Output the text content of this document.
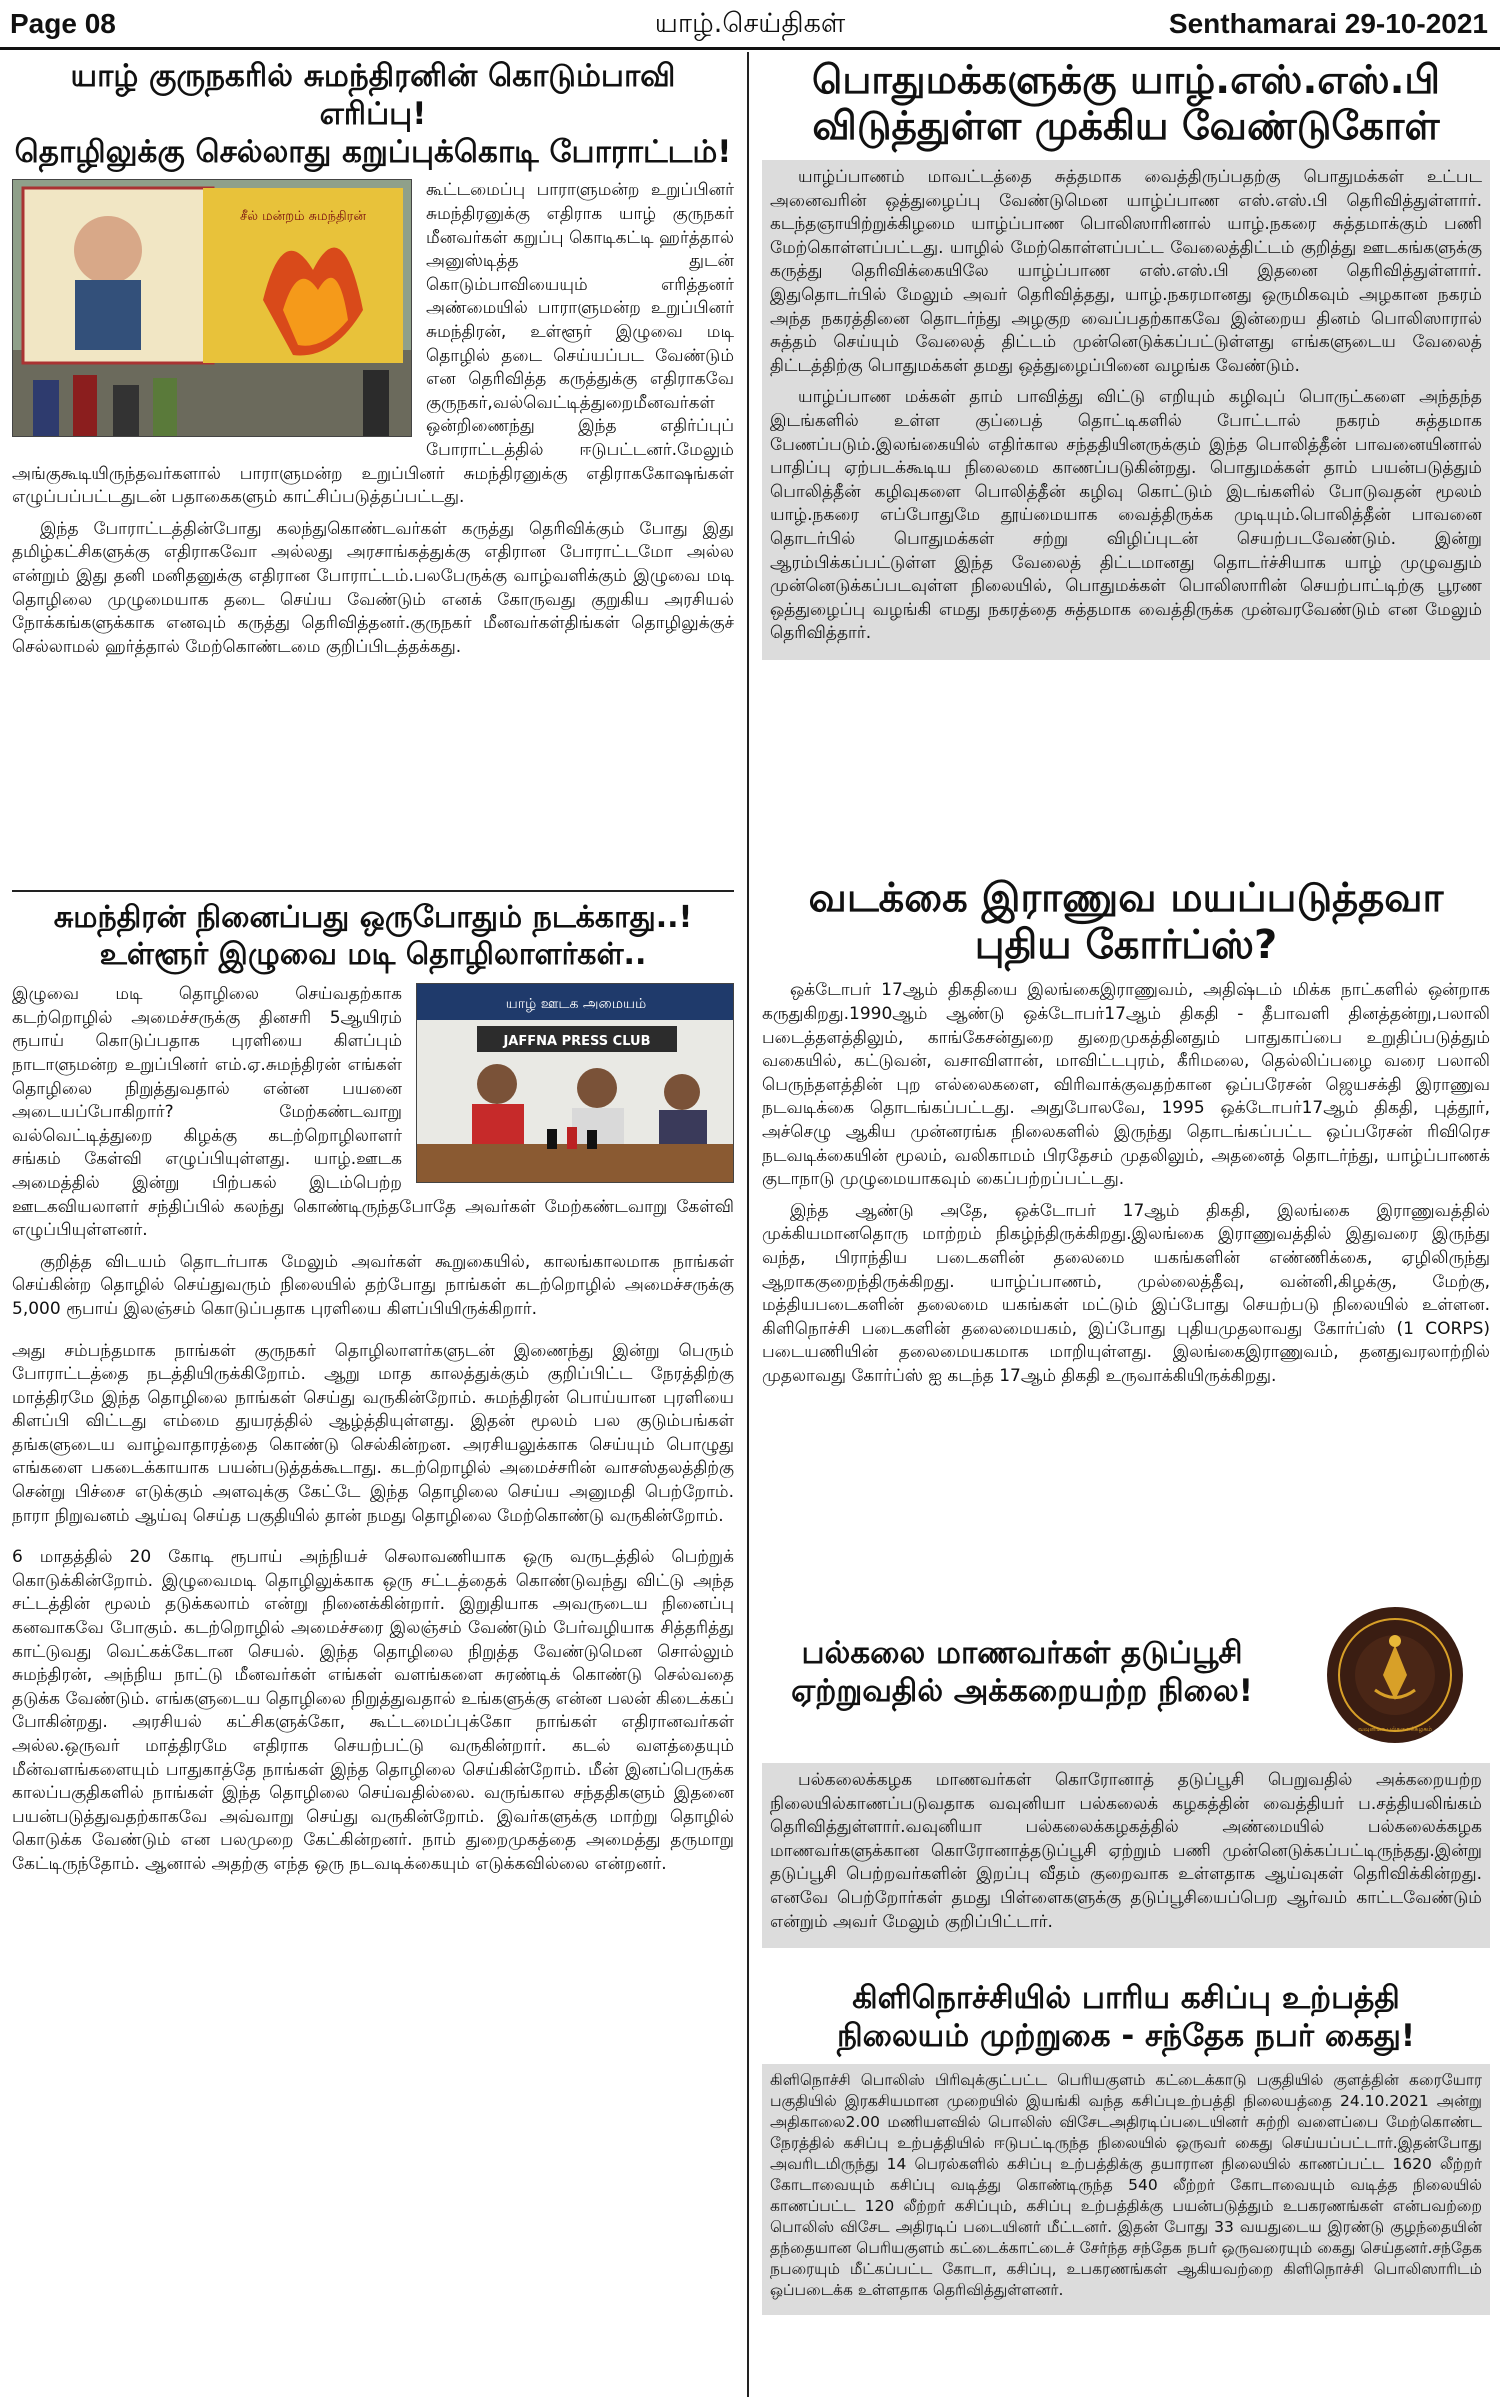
Page 08	யாழ்.செய்திகள்	Senthamarai 29-10-2021
யாழ் குருநகரில் சுமந்திரனின் கொடும்பாவி எரிப்பு!
தொழிலுக்கு செல்லாது கறுப்புக்கொடி போராட்டம்!
சீல் மன்றம் சுமந்திரன்

கூட்டமைப்பு பாராளுமன்ற உறுப்பினர் சுமந்திரனுக்கு எதிராக யாழ் குருநகர் மீனவர்கள் கறுப்பு கொடிகட்டி ஹர்த்தால் அனுஸ்டித்த துடன் கொடும்பாவியையும் எரித்தனர் அண்மையில் பாராளுமன்ற உறுப்பினர் சுமந்திரன், உள்ளூர் இழுவை மடி தொழில் தடை செய்யப்பட வேண்டும் என தெரிவித்த கருத்துக்கு எதிராகவே குருநகர்,வல்வெட்டித்துறைமீனவர்கள் ஒன்றிணைந்து இந்த எதிர்ப்புப் போராட்டத்தில் ஈடுபட்டனர்.மேலும் அங்குகூடியிருந்தவர்களால் பாராளுமன்ற உறுப்பினர் சுமந்திரனுக்கு எதிராககோஷங்கள் எழுப்பப்பட்டதுடன் பதாகைகளும் காட்சிப்படுத்தப்பட்டது.

இந்த போராட்டத்தின்போது கலந்துகொண்டவர்கள் கருத்து தெரிவிக்கும் போது இது தமிழ்கட்சிகளுக்கு எதிராகவோ அல்லது அரசாங்கத்துக்கு எதிரான போராட்டமோ அல்ல என்றும் இது தனி மனிதனுக்கு எதிரான போராட்டம்.பலபேருக்கு வாழ்வளிக்கும் இழுவை மடி தொழிலை முழுமையாக தடை செய்ய வேண்டும் எனக் கோருவது குறுகிய அரசியல் நோக்கங்களுக்காக எனவும் கருத்து தெரிவித்தனர்.குருநகர் மீனவர்கள்திங்கள் தொழிலுக்குச் செல்லாமல் ஹர்த்தால் மேற்கொண்டமை குறிப்பிடத்தக்கது.

சுமந்திரன் நினைப்பது ஒருபோதும் நடக்காது..!
உள்ளூர் இழுவை மடி தொழிலாளர்கள்..
யாழ் ஊடக அமையம்
JAFFNA PRESS CLUB

இழுவை மடி தொழிலை செய்வதற்காக கடற்றொழில் அமைச்சருக்கு தினசரி 5ஆயிரம் ரூபாய் கொடுப்பதாக புரளியை கிளப்பும் நாடாளுமன்ற உறுப்பினர் எம்.ஏ.சுமந்திரன் எங்கள் தொழிலை நிறுத்துவதால் என்ன பயனை அடையப்போகிறார்? மேற்கண்டவாறு வல்வெட்டித்துறை கிழக்கு கடற்றொழிலாளர் சங்கம் கேள்வி எழுப்பியுள்ளது. யாழ்.ஊடக அமைத்தில் இன்று பிற்பகல் இடம்பெற்ற ஊடகவியலாளர் சந்திப்பில் கலந்து கொண்டிருந்தபோதே அவர்கள் மேற்கண்டவாறு கேள்வி எழுப்பியுள்ளனர்.

குறித்த விடயம் தொடர்பாக மேலும் அவர்கள் கூறுகையில், காலங்காலமாக நாங்கள் செய்கின்ற தொழில் செய்துவரும் நிலையில் தற்போது நாங்கள் கடற்றொழில் அமைச்சருக்கு 5,000 ரூபாய் இலஞ்சம் கொடுப்பதாக புரளியை கிளப்பியிருக்கிறார்.

அது சம்பந்தமாக நாங்கள் குருநகர் தொழிலாளர்களுடன் இணைந்து இன்று பெரும் போராட்டத்தை நடத்தியிருக்கிறோம். ஆறு மாத காலத்துக்கும் குறிப்பிட்ட நேரத்திற்கு மாத்திரமே இந்த தொழிலை நாங்கள் செய்து வருகின்றோம். சுமந்திரன் பொய்யான புரளியை கிளப்பி விட்டது எம்மை துயரத்தில் ஆழ்த்தியுள்ளது. இதன் மூலம் பல குடும்பங்கள் தங்களுடைய வாழ்வாதாரத்தை கொண்டு செல்கின்றன. அரசியலுக்காக செய்யும் பொழுது எங்களை பகடைக்காயாக பயன்படுத்தக்கூடாது. கடற்றொழில் அமைச்சரின் வாசஸ்தலத்திற்கு சென்று பிச்சை எடுக்கும் அளவுக்கு கேட்டே இந்த தொழிலை செய்ய அனுமதி பெற்றோம். நாரா நிறுவனம் ஆய்வு செய்த பகுதியில் தான் நமது தொழிலை மேற்கொண்டு வருகின்றோம்.

6 மாதத்தில் 20 கோடி ரூபாய் அந்நியச் செலாவணியாக ஒரு வருடத்தில் பெற்றுக் கொடுக்கின்றோம். இழுவைமடி தொழிலுக்காக ஒரு சட்டத்தைக் கொண்டுவந்து விட்டு அந்த சட்டத்தின் மூலம் தடுக்கலாம் என்று நினைக்கின்றார். இறுதியாக அவருடைய நினைப்பு கனவாகவே போகும். கடற்றொழில் அமைச்சரை இலஞ்சம் வேண்டும் பேர்வழியாக சித்தரித்து காட்டுவது வெட்கக்கேடான செயல். இந்த தொழிலை நிறுத்த வேண்டுமென சொல்லும் சுமந்திரன், அந்நிய நாட்டு மீனவர்கள் எங்கள் வளங்களை சுரண்டிக் கொண்டு செல்வதை தடுக்க வேண்டும். எங்களுடைய தொழிலை நிறுத்துவதால் உங்களுக்கு என்ன பலன் கிடைக்கப் போகின்றது. அரசியல் கட்சிகளுக்கோ, கூட்டமைப்புக்கோ நாங்கள் எதிரானவர்கள் அல்ல.ஒருவர் மாத்திரமே எதிராக செயற்பட்டு வருகின்றார். கடல் வளத்தையும் மீன்வளங்களையும் பாதுகாத்தே நாங்கள் இந்த தொழிலை செய்கின்றோம். மீன் இனப்பெருக்க காலப்பகுதிகளில் நாங்கள் இந்த தொழிலை செய்வதில்லை. வருங்கால சந்ததிகளும் இதனை பயன்படுத்துவதற்காகவே அவ்வாறு செய்து வருகின்றோம். இவர்களுக்கு மாற்று தொழில் கொடுக்க வேண்டும் என பலமுறை கேட்கின்றனர். நாம் துறைமுகத்தை அமைத்து தருமாறு கேட்டிருந்தோம். ஆனால் அதற்கு எந்த ஒரு நடவடிக்கையும் எடுக்கவில்லை என்றனர்.

பொதுமக்களுக்கு யாழ்.எஸ்.எஸ்.பி
விடுத்துள்ள முக்கிய வேண்டுகோள்

யாழ்ப்பாணம் மாவட்டத்தை சுத்தமாக வைத்திருப்பதற்கு பொதுமக்கள் உட்பட அனைவரின் ஒத்துழைப்பு வேண்டுமென யாழ்ப்பாண எஸ்.எஸ்.பி தெரிவித்துள்ளார். கடந்தஞாயிற்றுக்கிழமை யாழ்ப்பாண பொலிஸாரினால் யாழ்.நகரை சுத்தமாக்கும் பணி மேற்கொள்ளப்பட்டது. யாழில் மேற்கொள்ளப்பட்ட வேலைத்திட்டம் குறித்து ஊடகங்களுக்கு கருத்து தெரிவிக்கையிலே யாழ்ப்பாண எஸ்.எஸ்.பி இதனை தெரிவித்துள்ளார். இதுதொடர்பில் மேலும் அவர் தெரிவித்தது, யாழ்.நகரமானது ஒருமிகவும் அழகான நகரம் அந்த நகரத்தினை தொடர்ந்து அழகுற வைப்பதற்காகவே இன்றைய தினம் பொலிஸாரால் சுத்தம் செய்யும் வேலைத் திட்டம் முன்னெடுக்கப்பட்டுள்ளது எங்களுடைய வேலைத் திட்டத்திற்கு பொதுமக்கள் தமது ஒத்துழைப்பினை வழங்க வேண்டும்.

யாழ்ப்பாண மக்கள் தாம் பாவித்து விட்டு எறியும் கழிவுப் பொருட்களை அந்தந்த இடங்களில் உள்ள குப்பைத் தொட்டிகளில் போட்டால் நகரம் சுத்தமாக பேணப்படும்.இலங்கையில் எதிர்கால சந்ததியினருக்கும் இந்த பொலித்தீன் பாவனையினால் பாதிப்பு ஏற்படக்கூடிய நிலைமை காணப்படுகின்றது. பொதுமக்கள் தாம் பயன்படுத்தும் பொலித்தீன் கழிவுகளை பொலித்தீன் கழிவு கொட்டும் இடங்களில் போடுவதன் மூலம் யாழ்.நகரை எப்போதுமே தூய்மையாக வைத்திருக்க முடியும்.பொலித்தீன் பாவனை தொடர்பில் பொதுமக்கள் சற்று விழிப்புடன் செயற்படவேண்டும். இன்று ஆரம்பிக்கப்பட்டுள்ள இந்த வேலைத் திட்டமானது தொடர்ச்சியாக யாழ் முழுவதும் முன்னெடுக்கப்படவுள்ள நிலையில், பொதுமக்கள் பொலிஸாரின் செயற்பாட்டிற்கு பூரண ஒத்துழைப்பு வழங்கி எமது நகரத்தை சுத்தமாக வைத்திருக்க முன்வரவேண்டும் என மேலும் தெரிவித்தார்.

வடக்கை இராணுவ மயப்படுத்தவா
புதிய கோர்ப்ஸ்?

ஒக்டோபர் 17ஆம் திகதியை இலங்கைஇராணுவம், அதிஷ்டம் மிக்க நாட்களில் ஒன்றாக கருதுகிறது.1990ஆம் ஆண்டு ஒக்டோபர்17ஆம் திகதி - தீபாவளி தினத்தன்று,பலாலி படைத்தளத்திலும், காங்கேசன்துறை துறைமுகத்தினதும் பாதுகாப்பை உறுதிப்படுத்தும் வகையில், கட்டுவன், வசாவிளான், மாவிட்டபுரம், கீரிமலை, தெல்லிப்பழை வரை பலாலி பெருந்தளத்தின் புற எல்லைகளை, விரிவாக்குவதற்கான ஒப்பரேசன் ஜெயசக்தி இராணுவ நடவடிக்கை தொடங்கப்பட்டது. அதுபோலவே, 1995 ஒக்டோபர்17ஆம் திகதி, புத்தூர், அச்செழு ஆகிய முன்னரங்க நிலைகளில் இருந்து தொடங்கப்பட்ட ஒப்பரேசன் ரிவிரெச நடவடிக்கையின் மூலம், வலிகாமம் பிரதேசம் முதலிலும், அதனைத் தொடர்ந்து, யாழ்ப்பாணக் குடாநாடு முழுமையாகவும் கைப்பற்றப்பட்டது.

இந்த ஆண்டு அதே, ஒக்டோபர் 17ஆம் திகதி, இலங்கை இராணுவத்தில் முக்கியமானதொரு மாற்றம் நிகழ்ந்திருக்கிறது.இலங்கை இராணுவத்தில் இதுவரை இருந்து வந்த, பிராந்திய படைகளின் தலைமை யகங்களின் எண்ணிக்கை, ஏழிலிருந்து ஆறாககுறைந்திருக்கிறது. யாழ்ப்பாணம், முல்லைத்தீவு, வன்னி,கிழக்கு, மேற்கு, மத்தியபடைகளின் தலைமை யகங்கள் மட்டும் இப்போது செயற்படு நிலையில் உள்ளன. கிளிநொச்சி படைகளின் தலைமையகம், இப்போது புதியமுதலாவது கோர்ப்ஸ் (1 CORPS) படையணியின் தலைமையகமாக மாறியுள்ளது. இலங்கைஇராணுவம், தனதுவரலாற்றில் முதலாவது கோர்ப்ஸ் ஐ கடந்த 17ஆம் திகதி உருவாக்கியிருக்கிறது.

பல்கலை மாணவர்கள் தடுப்பூசி
ஏற்றுவதில் அக்கறையற்ற நிலை!
வவுனியா பல்கலைக்கழகம்

பல்கலைக்கழக மாணவர்கள் கொரோனாத் தடுப்பூசி பெறுவதில் அக்கறையற்ற நிலையில்காணப்படுவதாக வவுனியா பல்கலைக் கழகத்தின் வைத்தியர் ப.சத்தியலிங்கம் தெரிவித்துள்ளார்.வவுனியா பல்கலைக்கழகத்தில் அண்மையில் பல்கலைக்கழக மாணவர்களுக்கான கொரோனாத்தடுப்பூசி ஏற்றும் பணி முன்னெடுக்கப்பட்டிருந்தது.இன்று தடுப்பூசி பெற்றவர்களின் இறப்பு வீதம் குறைவாக உள்ளதாக ஆய்வுகள் தெரிவிக்கின்றது. எனவே பெற்றோர்கள் தமது பிள்ளைகளுக்கு தடுப்பூசியைப்பெற ஆர்வம் காட்டவேண்டும் என்றும் அவர் மேலும் குறிப்பிட்டார்.

கிளிநொச்சியில் பாரிய கசிப்பு உற்பத்தி
நிலையம் முற்றுகை - சந்தேக நபர் கைது!

கிளிநொச்சி பொலிஸ் பிரிவுக்குட்பட்ட பெரியகுளம் கட்டைக்காடு பகுதியில் குளத்தின் கரையோர பகுதியில் இரகசியமான முறையில் இயங்கி வந்த கசிப்புஉற்பத்தி நிலையத்தை 24.10.2021 அன்று அதிகாலை2.00 மணியளவில் பொலிஸ் விசேடஅதிரடிப்படையினர் சுற்றி வளைப்பை மேற்கொண்ட நேரத்தில் கசிப்பு உற்பத்தியில் ஈடுபட்டிருந்த நிலையில் ஒருவர் கைது செய்யப்பட்டார்.இதன்போது அவரிடமிருந்து 14 பெரல்களில் கசிப்பு உற்பத்திக்கு தயாரான நிலையில் காணப்பட்ட 1620 லீற்றர் கோடாவையும் கசிப்பு வடித்து கொண்டிருந்த 540 லீற்றர் கோடாவையும் வடித்த நிலையில் காணப்பட்ட 120 லீற்றர் கசிப்பும், கசிப்பு உற்பத்திக்கு பயன்படுத்தும் உபகரணங்கள் என்பவற்றை பொலிஸ் விசேட அதிரடிப் படையினர் மீட்டனர். இதன் போது 33 வயதுடைய இரண்டு குழந்தையின் தந்தையான பெரியகுளம் கட்டைக்காட்டைச் சேர்ந்த சந்தேக நபர் ஒருவரையும் கைது செய்தனர்.சந்தேக நபரையும் மீட்கப்பட்ட கோடா, கசிப்பு, உபகரணங்கள் ஆகியவற்றை கிளிநொச்சி பொலிஸாரிடம் ஒப்படைக்க உள்ளதாக தெரிவித்துள்ளனர்.
